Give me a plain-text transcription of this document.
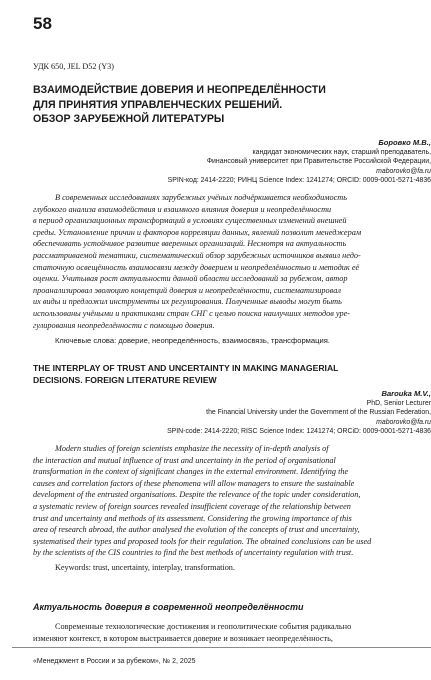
58
УДК 650, JEL D52 (Y3)
ВЗАИМОДЕЙСТВИЕ ДОВЕРИЯ И НЕОПРЕДЕЛЁННОСТИ
ДЛЯ ПРИНЯТИЯ УПРАВЛЕНЧЕСКИХ РЕШЕНИЙ.
ОБЗОР ЗАРУБЕЖНОЙ ЛИТЕРАТУРЫ
Боровко М.В.,
кандидат экономических наук, старший преподаватель,
Финансовый университет при Правительстве Российской Федерации,
maborovko@fa.ru
SPIN-код: 2414-2220; РИНЦ Science Index: 1241274; ORCID: 0009-0001-5271-4836
В современных исследованиях зарубежных учёных подчёркивается необходимость
глубокого анализа взаимодействия и взаимного влияния доверия и неопределённости
в период организационных трансформаций в условиях существенных изменений внешней
среды. Установление причин и факторов корреляции данных, явлений позволит менеджерам
обеспечивать устойчивое развитие вверенных организаций. Несмотря на актуальность
рассматриваемой тематики, систематический обзор зарубежных источников выявил недо-
статочную освещённость взаимосвязи между доверием и неопределённостью и методик её
оценки. Учитывая рост актуальности данной области исследований за рубежом, автор
проанализировал эволюцию концепций доверия и неопределённости, систематизировал
их виды и предложил инструменты их регулирования. Полученные выводы могут быть
использованы учёными и практиками стран СНГ с целью поиска наилучших методов уре-
гулирования неопределённости с помощью доверия.
Ключевые слова: доверие, неопределённость, взаимосвязь, трансформация.
THE INTERPLAY OF TRUST AND UNCERTAINTY IN MAKING MANAGERIAL
DECISIONS. FOREIGN LITERATURE REVIEW
Barouka M.V.,
PhD, Senior Lecturer
the Financial University under the Government of the Russian Federation,
maborovko@fa.ru
SPIN-code: 2414-2220; RISC Science Index: 1241274; ORCiD: 0009-0001-5271-4836
Modern studies of foreign scientists emphasize the necessity of in-depth analysis of
the interaction and mutual influence of trust and uncertainty in the period of organisational
transformation in the context of significant changes in the external environment. Identifying the
causes and correlation factors of these phenomena will allow managers to ensure the sustainable
development of the entrusted organisations. Despite the relevance of the topic under consideration,
a systematic review of foreign sources revealed insufficient coverage of the relationship between
trust and uncertainty and methods of its assessment. Considering the growing importance of this
area of research abroad, the author analysed the evolution of the concepts of trust and uncertainty,
systematised their types and proposed tools for their regulation. The obtained conclusions can be used
by the scientists of the CIS countries to find the best methods of uncertainty regulation with trust.
Keywords: trust, uncertainty, interplay, transformation.
Актуальность доверия в современной неопределённости
Современные технологические достижения и геополитические события радикально
изменяют контекст, в котором выстраивается доверие и возникает неопределённость,
«Менеджмент в России и за рубежом», № 2, 2025
